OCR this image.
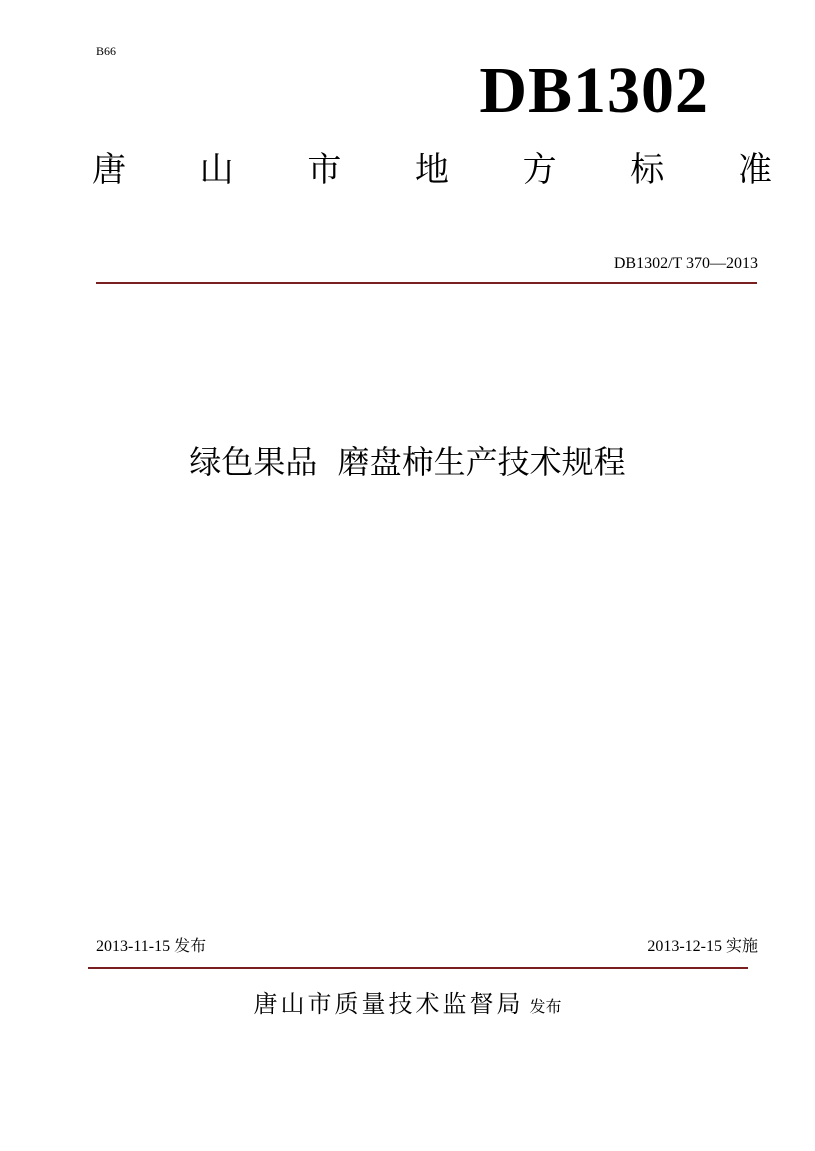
B66
DB1302
唐 山 市 地 方 标 准
DB1302/T 370—2013
绿色果品  磨盘柿生产技术规程
2013-11-15 发布	2013-12-15 实施
唐山市质量技术监督局 发布
